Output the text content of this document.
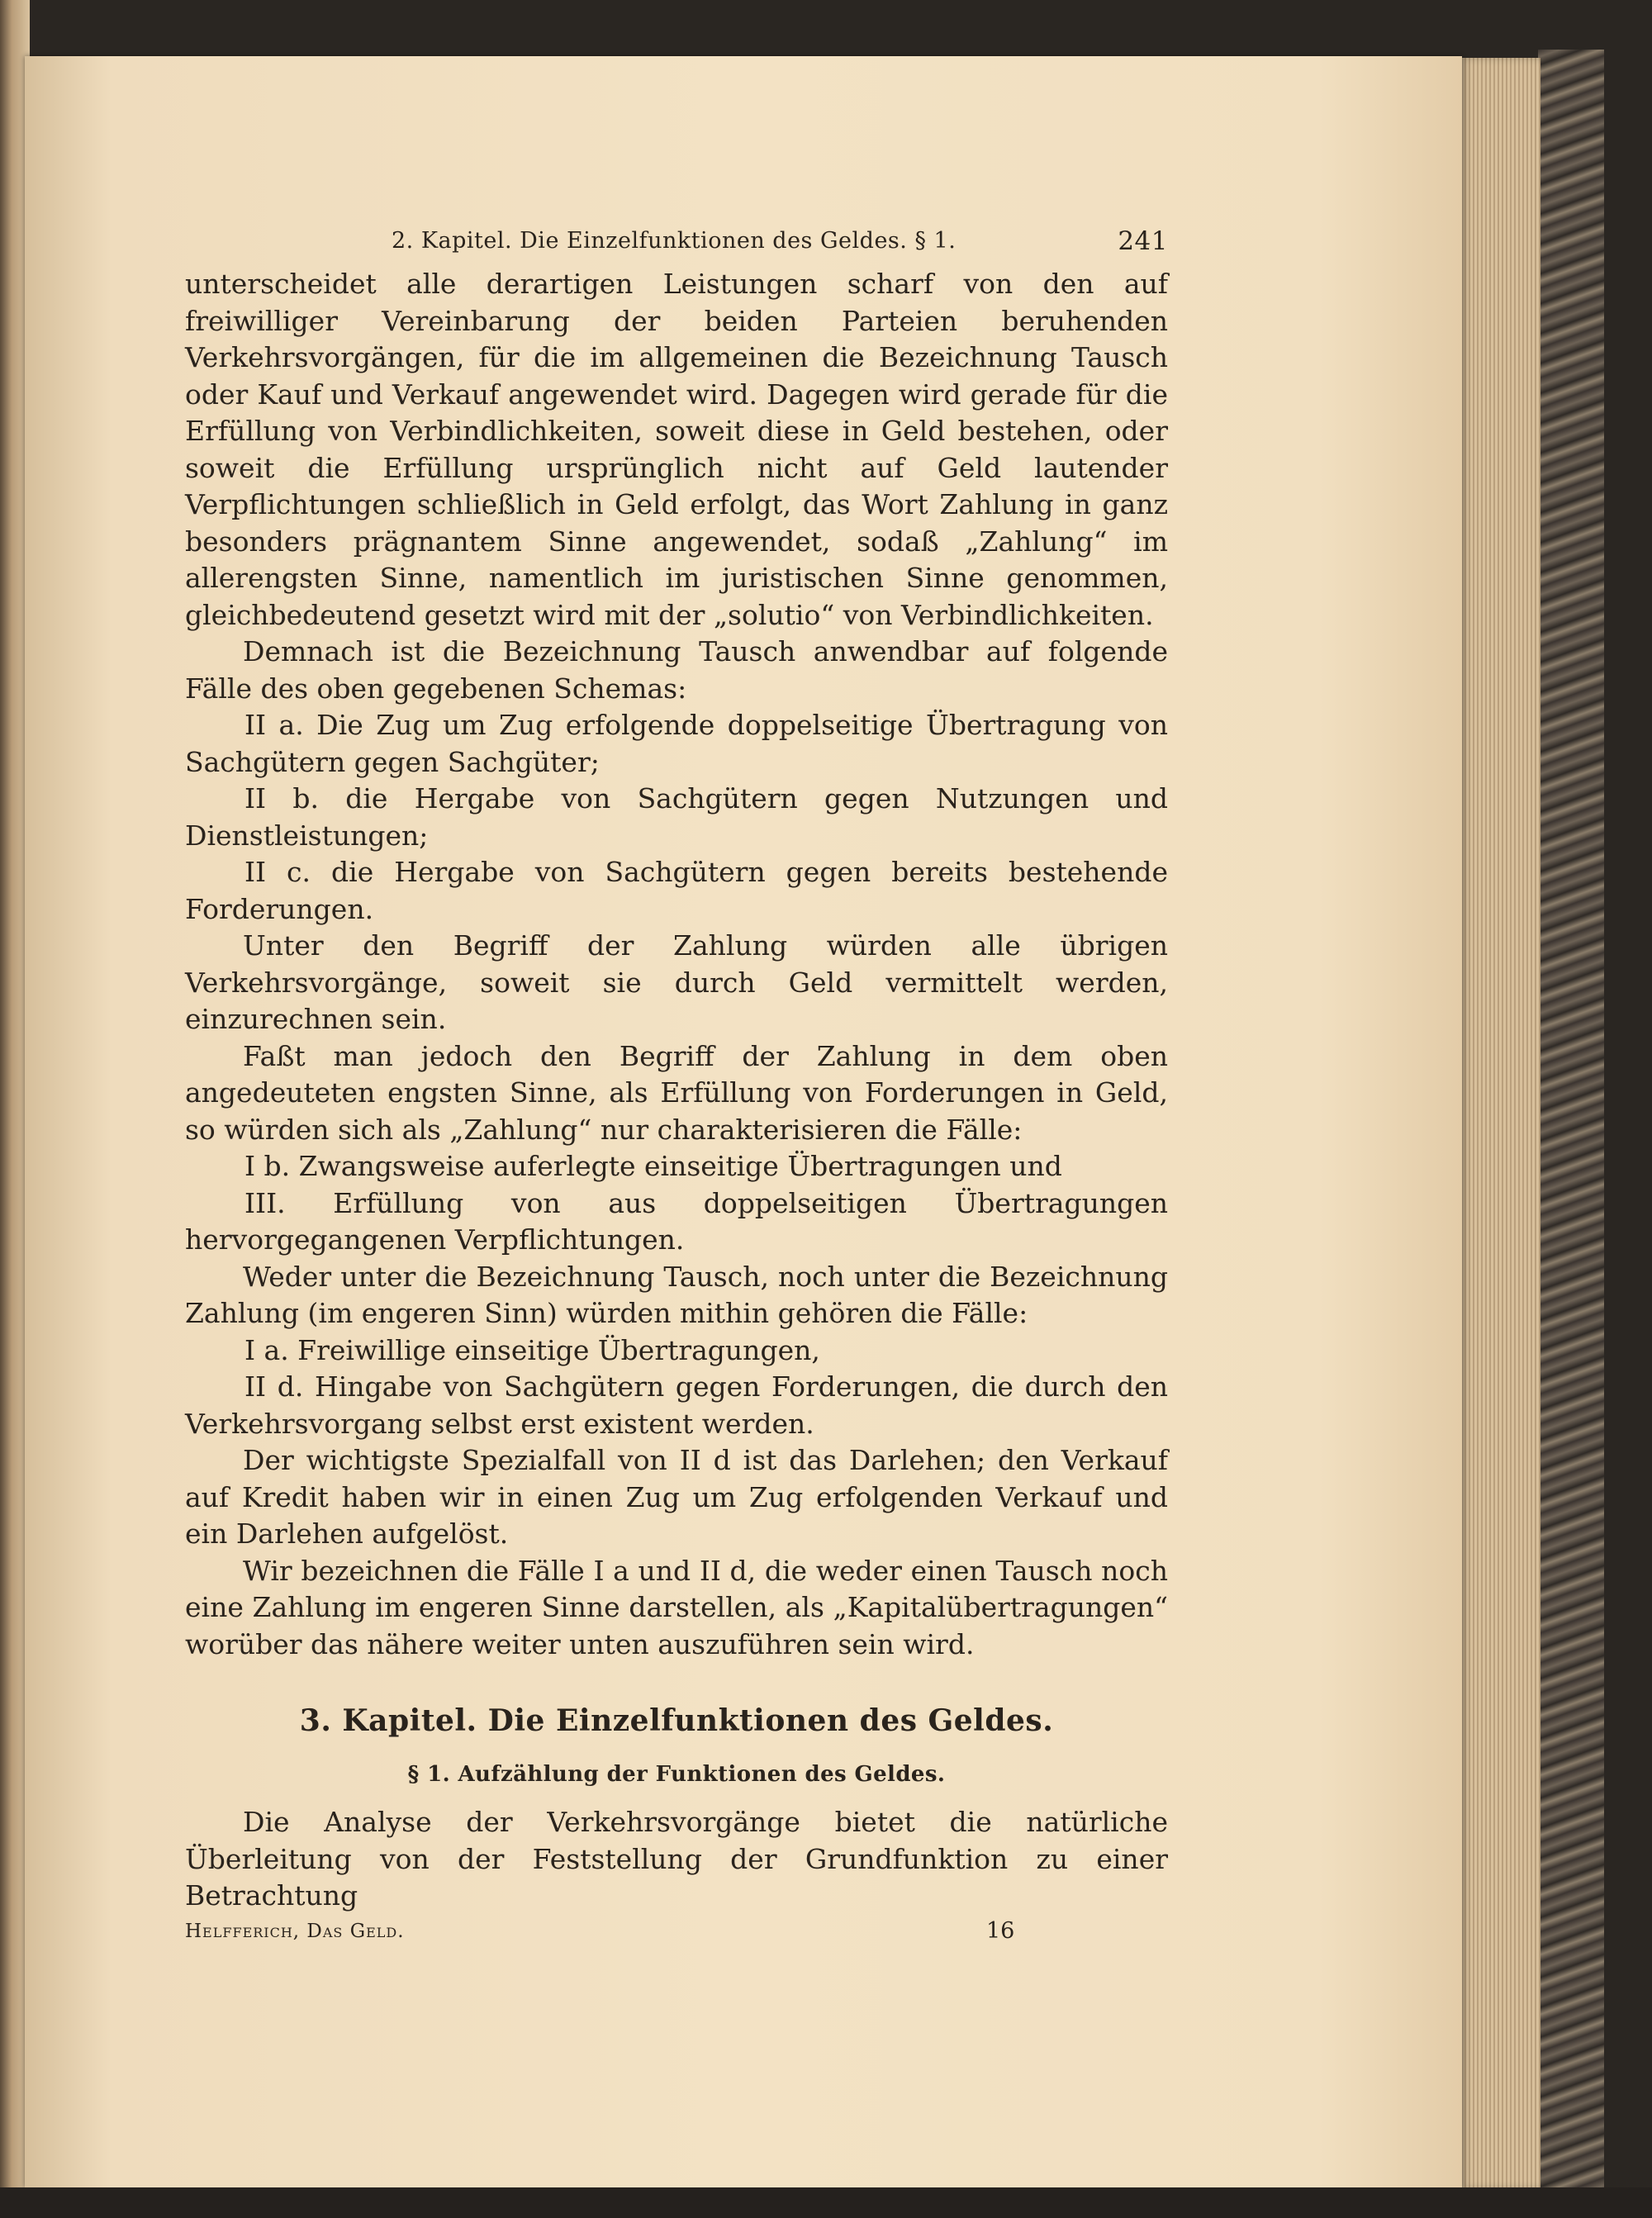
2. Kapitel. Die Einzelfunktionen des Geldes. § 1.	241

unterscheidet alle derartigen Leistungen scharf von den auf freiwilliger Vereinbarung der beiden Parteien beruhenden Verkehrsvorgängen, für die im allgemeinen die Bezeichnung Tausch oder Kauf und Verkauf angewendet wird. Dagegen wird gerade für die Erfüllung von Verbindlichkeiten, soweit diese in Geld bestehen, oder soweit die Erfüllung ursprünglich nicht auf Geld lautender Verpflichtungen schließlich in Geld erfolgt, das Wort Zahlung in ganz besonders prägnantem Sinne angewendet, sodaß „Zahlung“ im allerengsten Sinne, namentlich im juristischen Sinne genommen, gleichbedeutend gesetzt wird mit der „solutio“ von Verbindlichkeiten.

Demnach ist die Bezeichnung Tausch anwendbar auf folgende Fälle des oben gegebenen Schemas:

II a. Die Zug um Zug erfolgende doppelseitige Übertragung von Sachgütern gegen Sachgüter;

II b. die Hergabe von Sachgütern gegen Nutzungen und Dienstleistungen;

II c. die Hergabe von Sachgütern gegen bereits bestehende Forderungen.

Unter den Begriff der Zahlung würden alle übrigen Verkehrsvorgänge, soweit sie durch Geld vermittelt werden, einzurechnen sein.

Faßt man jedoch den Begriff der Zahlung in dem oben angedeuteten engsten Sinne, als Erfüllung von Forderungen in Geld, so würden sich als „Zahlung“ nur charakterisieren die Fälle:

I b. Zwangsweise auferlegte einseitige Übertragungen und

III. Erfüllung von aus doppelseitigen Übertragungen hervorgegangenen Verpflichtungen.

Weder unter die Bezeichnung Tausch, noch unter die Bezeichnung Zahlung (im engeren Sinn) würden mithin gehören die Fälle:

I a. Freiwillige einseitige Übertragungen,

II d. Hingabe von Sachgütern gegen Forderungen, die durch den Verkehrsvorgang selbst erst existent werden.

Der wichtigste Spezialfall von II d ist das Darlehen; den Verkauf auf Kredit haben wir in einen Zug um Zug erfolgenden Verkauf und ein Darlehen aufgelöst.

Wir bezeichnen die Fälle I a und II d, die weder einen Tausch noch eine Zahlung im engeren Sinne darstellen, als „Kapitalübertragungen“ worüber das nähere weiter unten auszuführen sein wird.

3. Kapitel. Die Einzelfunktionen des Geldes.

§ 1. Aufzählung der Funktionen des Geldes.

Die Analyse der Verkehrsvorgänge bietet die natürliche Überleitung von der Feststellung der Grundfunktion zu einer Betrachtung

Helfferich, Das Geld.	16
